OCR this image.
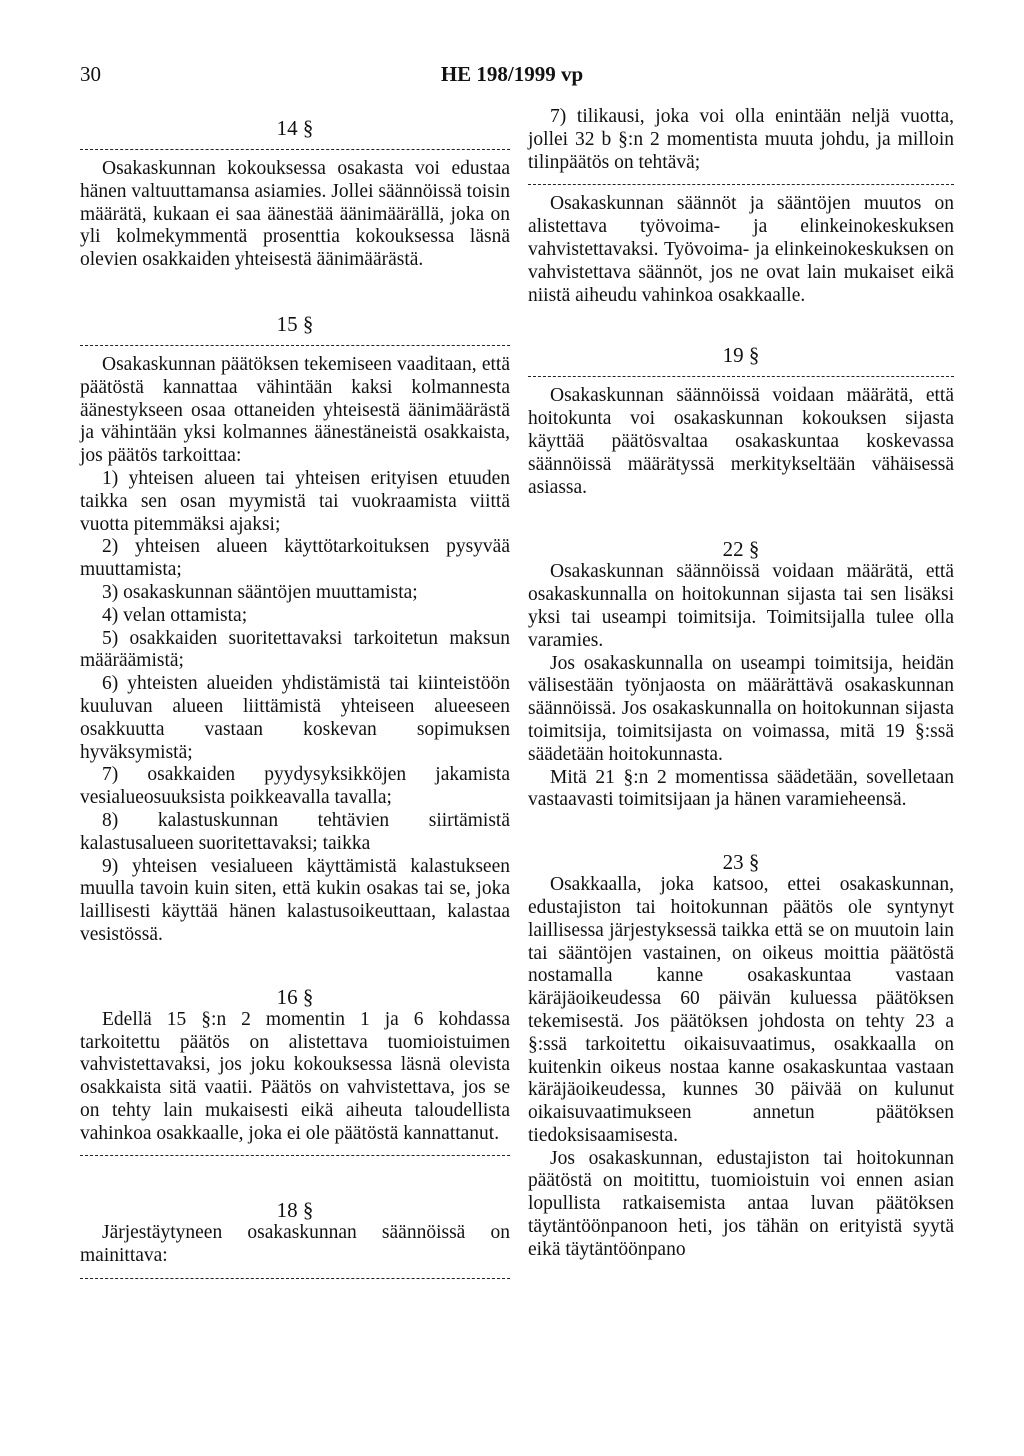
30	HE 198/1999 vp
14 §

Osakaskunnan kokouksessa osakasta voi edustaa hänen valtuuttamansa asiamies. Jollei säännöissä toisin määrätä, kukaan ei saa äänestää äänimäärällä, joka on yli kolmekymmentä prosenttia kokouksessa läsnä olevien osakkaiden yhteisestä äänimäärästä.

15 §

Osakaskunnan päätöksen tekemiseen vaaditaan, että päätöstä kannattaa vähintään kaksi kolmannesta äänestykseen osaa ottaneiden yhteisestä äänimäärästä ja vähintään yksi kolmannes äänestäneistä osakkaista, jos päätös tarkoittaa:

1) yhteisen alueen tai yhteisen erityisen etuuden taikka sen osan myymistä tai vuokraamista viittä vuotta pitemmäksi ajaksi;

2) yhteisen alueen käyttötarkoituksen pysyvää muuttamista;

3) osakaskunnan sääntöjen muuttamista;

4) velan ottamista;

5) osakkaiden suoritettavaksi tarkoitetun maksun määräämistä;

6) yhteisten alueiden yhdistämistä tai kiinteistöön kuuluvan alueen liittämistä yhteiseen alueeseen osakkuutta vastaan koskevan sopimuksen hyväksymistä;

7) osakkaiden pyydysyksikköjen jakamista vesialueosuuksista poikkeavalla tavalla;

8) kalastuskunnan tehtävien siirtämistä kalastusalueen suoritettavaksi; taikka

9) yhteisen vesialueen käyttämistä kalastukseen muulla tavoin kuin siten, että kukin osakas tai se, joka laillisesti käyttää hänen kalastusoikeuttaan, kalastaa vesistössä.

16 §

Edellä 15 §:n 2 momentin 1 ja 6 kohdassa tarkoitettu päätös on alistettava tuomioistuimen vahvistettavaksi, jos joku kokouksessa läsnä olevista osakkaista sitä vaatii. Päätös on vahvistettava, jos se on tehty lain mukaisesti eikä aiheuta taloudellista vahinkoa osakkaalle, joka ei ole päätöstä kannattanut.

18 §

Järjestäytyneen osakaskunnan säännöissä on mainittava:

7) tilikausi, joka voi olla enintään neljä vuotta, jollei 32 b §:n 2 momentista muuta johdu, ja milloin tilinpäätös on tehtävä;

Osakaskunnan säännöt ja sääntöjen muutos on alistettava työvoima- ja elinkeinokeskuksen vahvistettavaksi. Työvoima- ja elinkeinokeskuksen on vahvistettava säännöt, jos ne ovat lain mukaiset eikä niistä aiheudu vahinkoa osakkaalle.

19 §

Osakaskunnan säännöissä voidaan määrätä, että hoitokunta voi osakaskunnan kokouksen sijasta käyttää päätösvaltaa osakaskuntaa koskevassa säännöissä määrätyssä merkitykseltään vähäisessä asiassa.

22 §

Osakaskunnan säännöissä voidaan määrätä, että osakaskunnalla on hoitokunnan sijasta tai sen lisäksi yksi tai useampi toimitsija. Toimitsijalla tulee olla varamies.

Jos osakaskunnalla on useampi toimitsija, heidän välisestään työnjaosta on määrättävä osakaskunnan säännöissä. Jos osakaskunnalla on hoitokunnan sijasta toimitsija, toimitsijasta on voimassa, mitä 19 §:ssä säädetään hoitokunnasta.

Mitä 21 §:n 2 momentissa säädetään, sovelletaan vastaavasti toimitsijaan ja hänen varamieheensä.

23 §

Osakkaalla, joka katsoo, ettei osakaskunnan, edustajiston tai hoitokunnan päätös ole syntynyt laillisessa järjestyksessä taikka että se on muutoin lain tai sääntöjen vastainen, on oikeus moittia päätöstä nostamalla kanne osakaskuntaa vastaan käräjäoikeudessa 60 päivän kuluessa päätöksen tekemisestä. Jos päätöksen johdosta on tehty 23 a §:ssä tarkoitettu oikaisuvaatimus, osakkaalla on kuitenkin oikeus nostaa kanne osakaskuntaa vastaan käräjäoikeudessa, kunnes 30 päivää on kulunut oikaisuvaatimukseen annetun päätöksen tiedoksisaamisesta.

Jos osakaskunnan, edustajiston tai hoitokunnan päätöstä on moitittu, tuomioistuin voi ennen asian lopullista ratkaisemista antaa luvan päätöksen täytäntöönpanoon heti, jos tähän on erityistä syytä eikä täytäntöönpano
